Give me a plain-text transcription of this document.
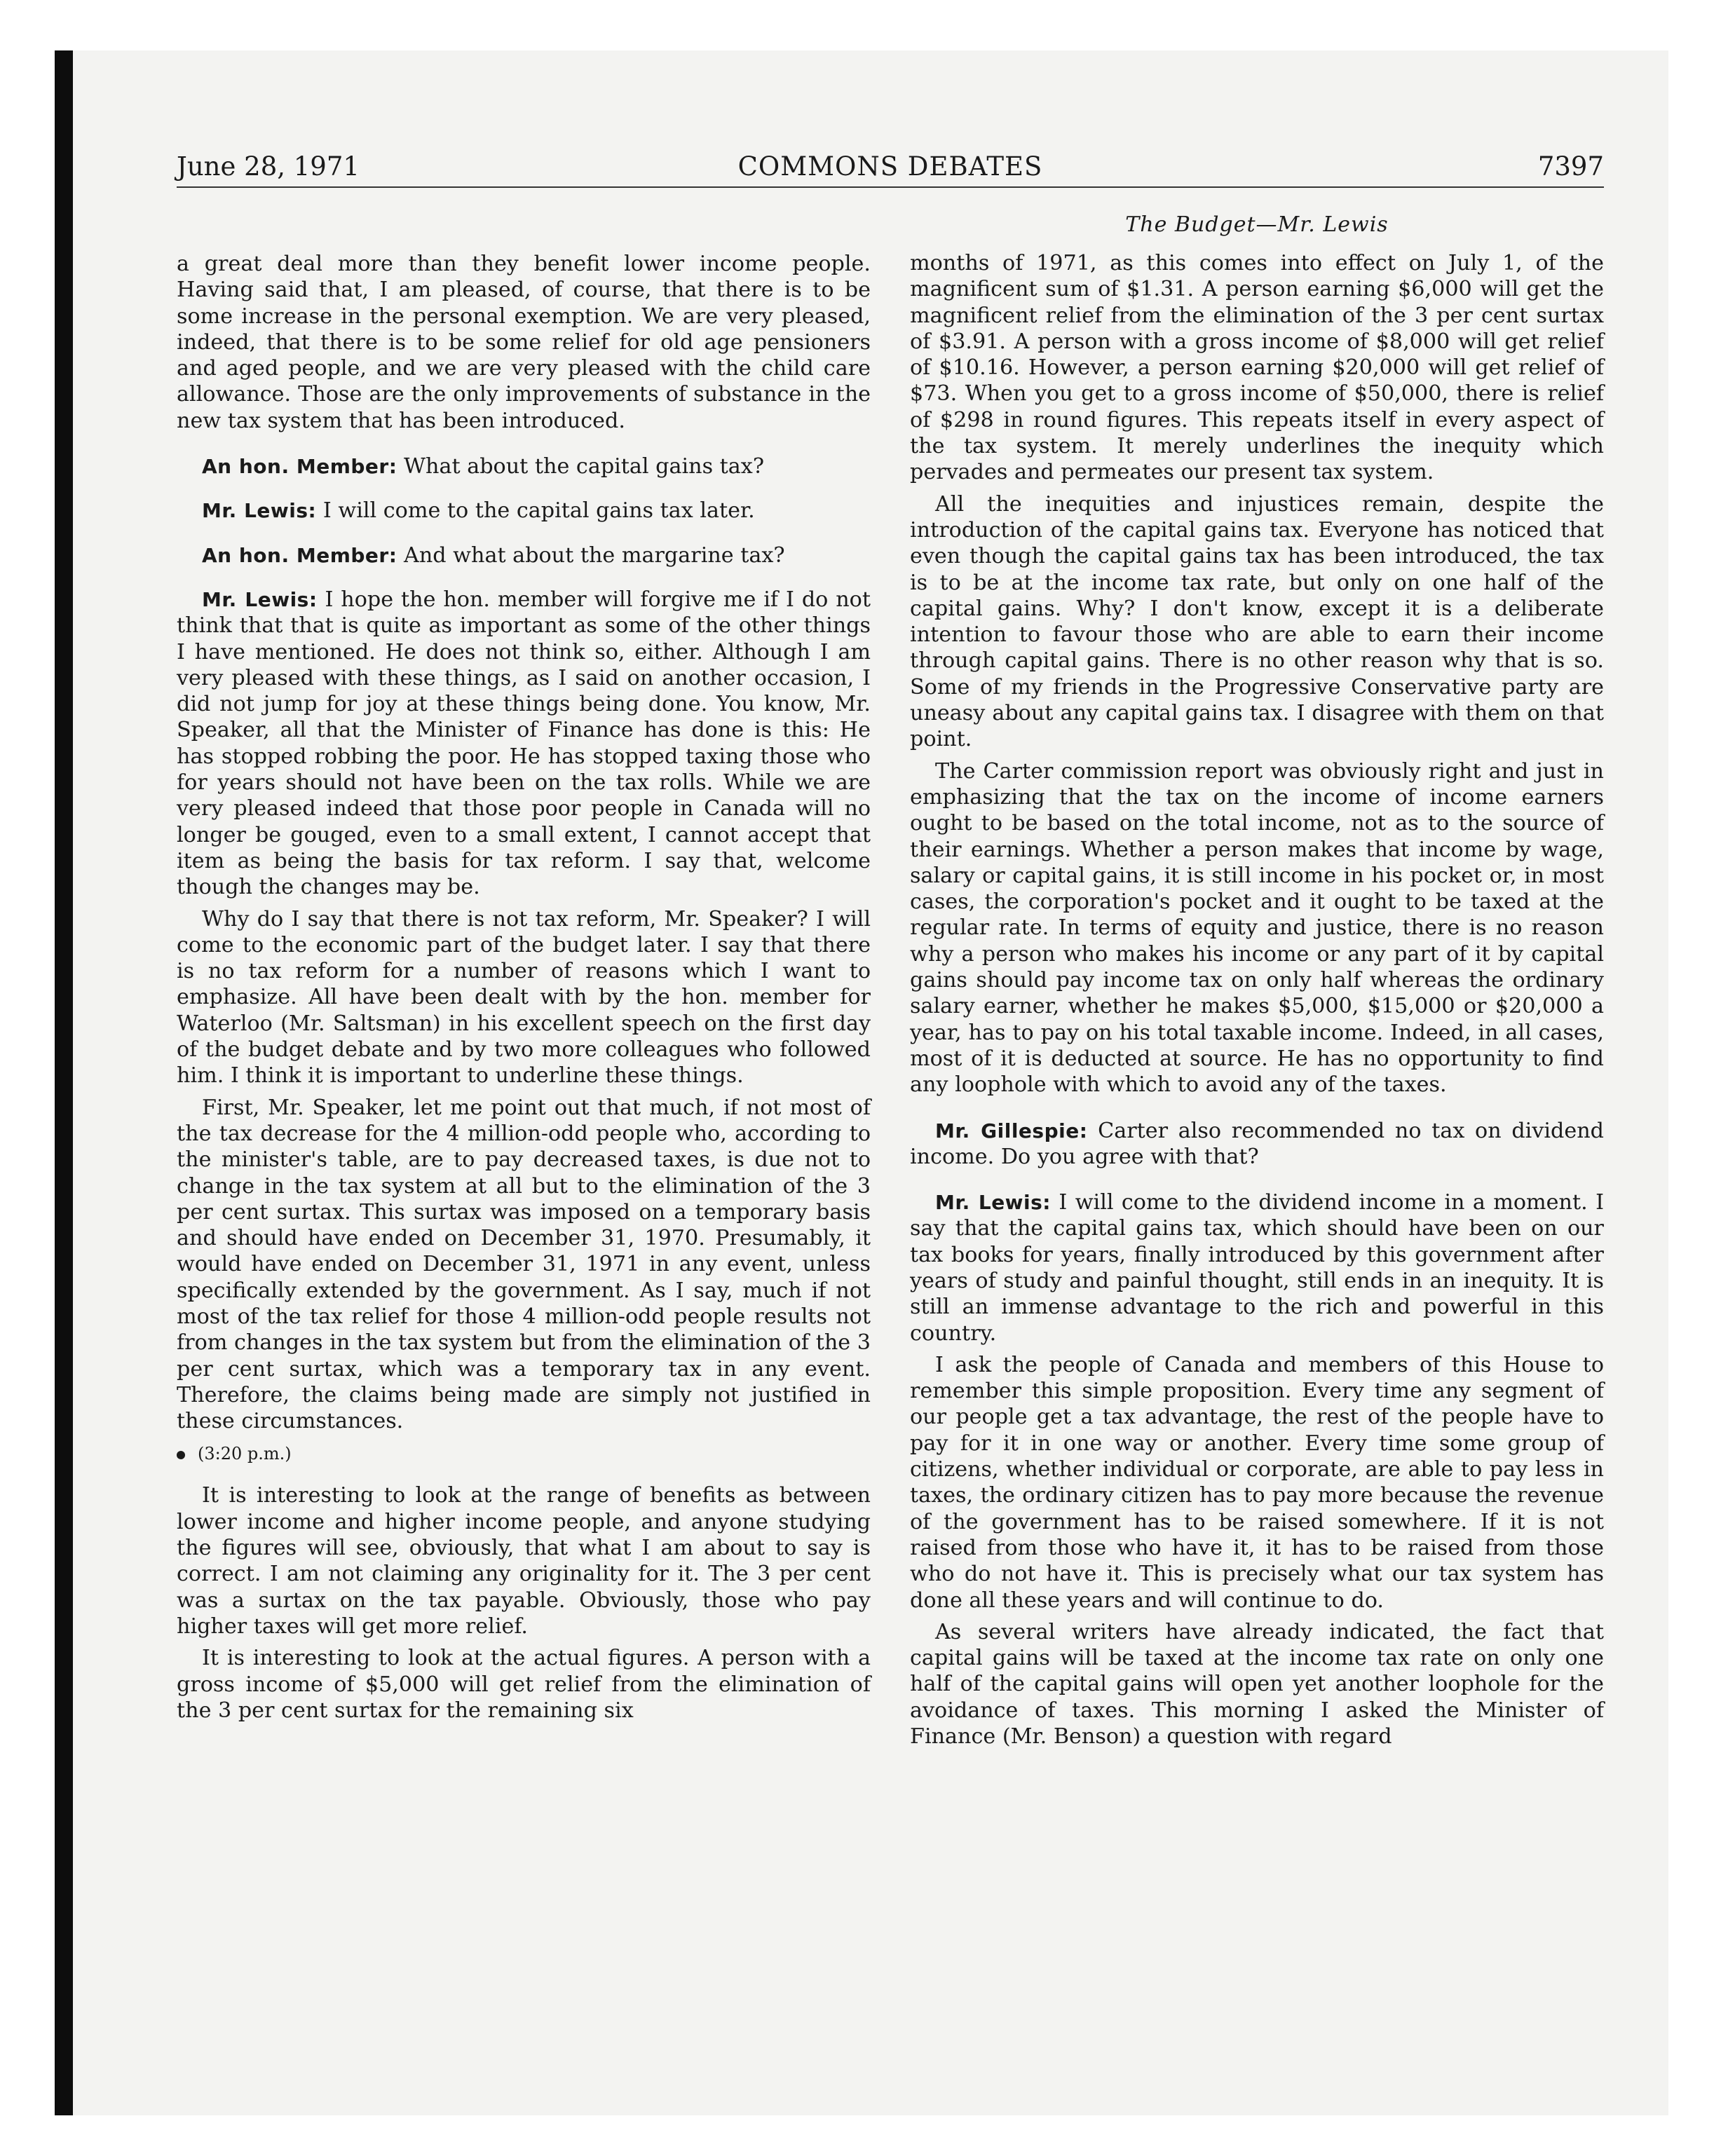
June 28, 1971	COMMONS DEBATES	7397

a great deal more than they benefit lower income people. Having said that, I am pleased, of course, that there is to be some increase in the personal exemption. We are very pleased, indeed, that there is to be some relief for old age pensioners and aged people, and we are very pleased with the child care allowance. Those are the only improvements of substance in the new tax system that has been introduced.

An hon. Member: What about the capital gains tax?

Mr. Lewis: I will come to the capital gains tax later.

An hon. Member: And what about the margarine tax?

Mr. Lewis: I hope the hon. member will forgive me if I do not think that that is quite as important as some of the other things I have mentioned. He does not think so, either. Although I am very pleased with these things, as I said on another occasion, I did not jump for joy at these things being done. You know, Mr. Speaker, all that the Minister of Finance has done is this: He has stopped robbing the poor. He has stopped taxing those who for years should not have been on the tax rolls. While we are very pleased indeed that those poor people in Canada will no longer be gouged, even to a small extent, I cannot accept that item as being the basis for tax reform. I say that, welcome though the changes may be.

Why do I say that there is not tax reform, Mr. Speaker? I will come to the economic part of the budget later. I say that there is no tax reform for a number of reasons which I want to emphasize. All have been dealt with by the hon. member for Waterloo (Mr. Saltsman) in his excellent speech on the first day of the budget debate and by two more colleagues who followed him. I think it is important to underline these things.

First, Mr. Speaker, let me point out that much, if not most of the tax decrease for the 4 million-odd people who, according to the minister's table, are to pay decreased taxes, is due not to change in the tax system at all but to the elimination of the 3 per cent surtax. This surtax was imposed on a temporary basis and should have ended on December 31, 1970. Presumably, it would have ended on December 31, 1971 in any event, unless specifically extended by the government. As I say, much if not most of the tax relief for those 4 million-odd people results not from changes in the tax system but from the elimination of the 3 per cent surtax, which was a temporary tax in any event. Therefore, the claims being made are simply not justified in these circumstances.

(3:20 p.m.)

It is interesting to look at the range of benefits as between lower income and higher income people, and anyone studying the figures will see, obviously, that what I am about to say is correct. I am not claiming any originality for it. The 3 per cent was a surtax on the tax payable. Obviously, those who pay higher taxes will get more relief.

It is interesting to look at the actual figures. A person with a gross income of $5,000 will get relief from the elimination of the 3 per cent surtax for the remaining six

The Budget—Mr. Lewis

months of 1971, as this comes into effect on July 1, of the magnificent sum of $1.31. A person earning $6,000 will get the magnificent relief from the elimination of the 3 per cent surtax of $3.91. A person with a gross income of $8,000 will get relief of $10.16. However, a person earning $20,000 will get relief of $73. When you get to a gross income of $50,000, there is relief of $298 in round figures. This repeats itself in every aspect of the tax system. It merely underlines the inequity which pervades and permeates our present tax system.

All the inequities and injustices remain, despite the introduction of the capital gains tax. Everyone has noticed that even though the capital gains tax has been introduced, the tax is to be at the income tax rate, but only on one half of the capital gains. Why? I don't know, except it is a deliberate intention to favour those who are able to earn their income through capital gains. There is no other reason why that is so. Some of my friends in the Progressive Conservative party are uneasy about any capital gains tax. I disagree with them on that point.

The Carter commission report was obviously right and just in emphasizing that the tax on the income of income earners ought to be based on the total income, not as to the source of their earnings. Whether a person makes that income by wage, salary or capital gains, it is still income in his pocket or, in most cases, the corporation's pocket and it ought to be taxed at the regular rate. In terms of equity and justice, there is no reason why a person who makes his income or any part of it by capital gains should pay income tax on only half whereas the ordinary salary earner, whether he makes $5,000, $15,000 or $20,000 a year, has to pay on his total taxable income. Indeed, in all cases, most of it is deducted at source. He has no opportunity to find any loophole with which to avoid any of the taxes.

Mr. Gillespie: Carter also recommended no tax on dividend income. Do you agree with that?

Mr. Lewis: I will come to the dividend income in a moment. I say that the capital gains tax, which should have been on our tax books for years, finally introduced by this government after years of study and painful thought, still ends in an inequity. It is still an immense advantage to the rich and powerful in this country.

I ask the people of Canada and members of this House to remember this simple proposition. Every time any segment of our people get a tax advantage, the rest of the people have to pay for it in one way or another. Every time some group of citizens, whether individual or corporate, are able to pay less in taxes, the ordinary citizen has to pay more because the revenue of the government has to be raised somewhere. If it is not raised from those who have it, it has to be raised from those who do not have it. This is precisely what our tax system has done all these years and will continue to do.

As several writers have already indicated, the fact that capital gains will be taxed at the income tax rate on only one half of the capital gains will open yet another loophole for the avoidance of taxes. This morning I asked the Minister of Finance (Mr. Benson) a question with regard
